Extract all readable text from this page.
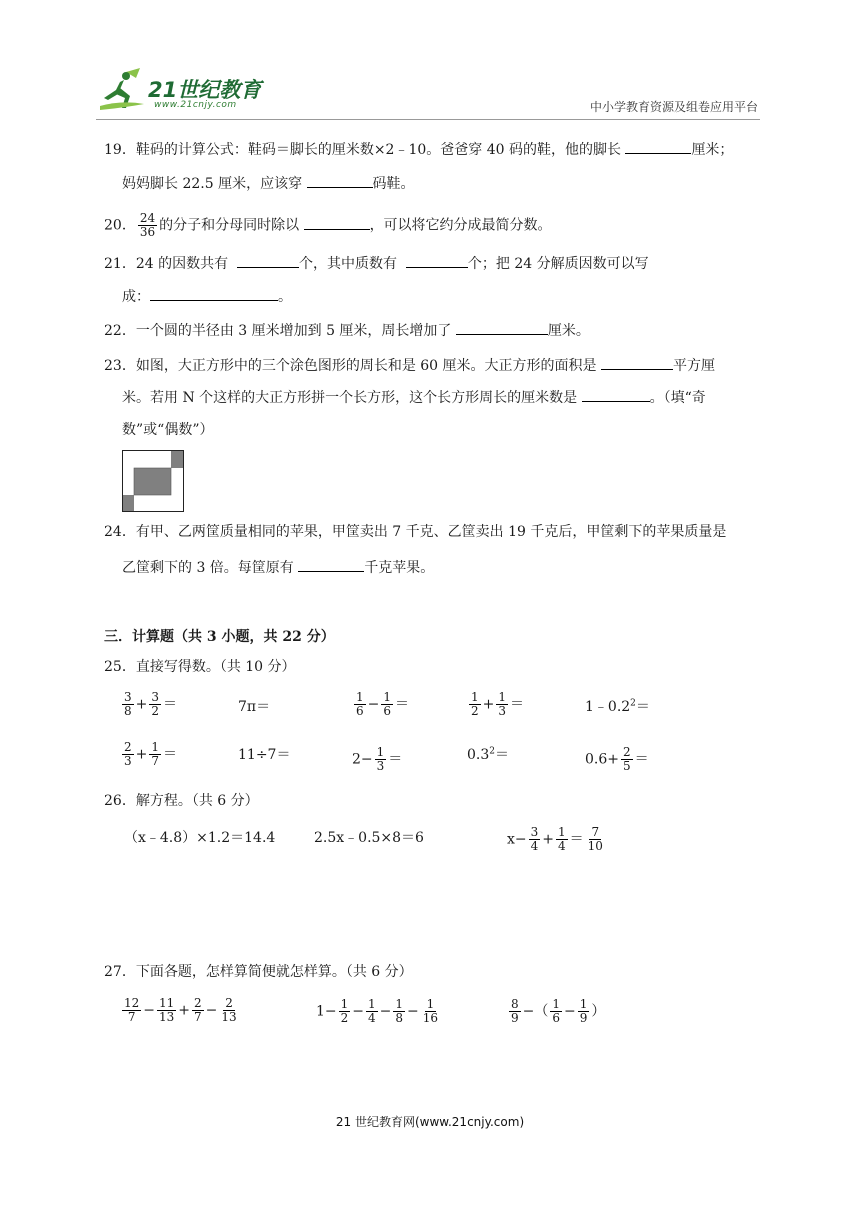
21世纪教育
www.21cnjy.com	中小学教育资源及组卷应用平台
19．鞋码的计算公式：鞋码＝脚长的厘米数×2﹣10。爸爸穿 40 码的鞋，他的脚长	厘米；
妈妈脚长 22.5 厘米，应该穿	码鞋。
20． $\frac{24}{36}$ 的分子和分母同时除以	，可以将它约分成最简分数。
21．24 的因数共有	个，其中质数有	个；把 24 分解质因数可以写
成：	。
22．一个圆的半径由 3 厘米增加到 5 厘米，周长增加了	厘米。
23．如图，大正方形中的三个涂色图形的周长和是 60 厘米。大正方形的面积是	平方厘
米。若用 N 个这样的大正方形拼一个长方形，这个长方形周长的厘米数是	。（填“奇
数”或“偶数”）
24．有甲、乙两筐质量相同的苹果，甲筐卖出 7 千克、乙筐卖出 19 千克后，甲筐剩下的苹果质量是
乙筐剩下的 3 倍。每筐原有	千克苹果。
三．计算题（共 3 小题，共 22 分）
25．直接写得数。（共 10 分）
$\frac{3}{8} + \frac{3}{2}$ ＝	7π＝	$\frac{1}{6} - \frac{1}{6}$ ＝	$\frac{1}{2} + \frac{1}{3}$ ＝	$1﹣0.2^2=$
$\frac{2}{3} + \frac{1}{7}$ ＝	11÷7＝	$2- \frac{1}{3}$ ＝	$0.3^2=$	$0.6+ \frac{2}{5}$ ＝
26．解方程。（共 6 分）
（x﹣4.8）×1.2＝14.4	2.5x﹣0.5×8＝6	$x- \frac{3}{4} + \frac{1}{4} = \frac{7}{10}$
27．下面各题，怎样算简便就怎样算。（共 6 分）
$\frac{12}{7} - \frac{11}{13} + \frac{2}{7} - \frac{2}{13}$	$1- \frac{1}{2} - \frac{1}{4} - \frac{1}{8} - \frac{1}{16}$	$\frac{8}{9}$ −（ $\frac{1}{6} - \frac{1}{9}$ ）
21 世纪教育网(www.21cnjy.com)
